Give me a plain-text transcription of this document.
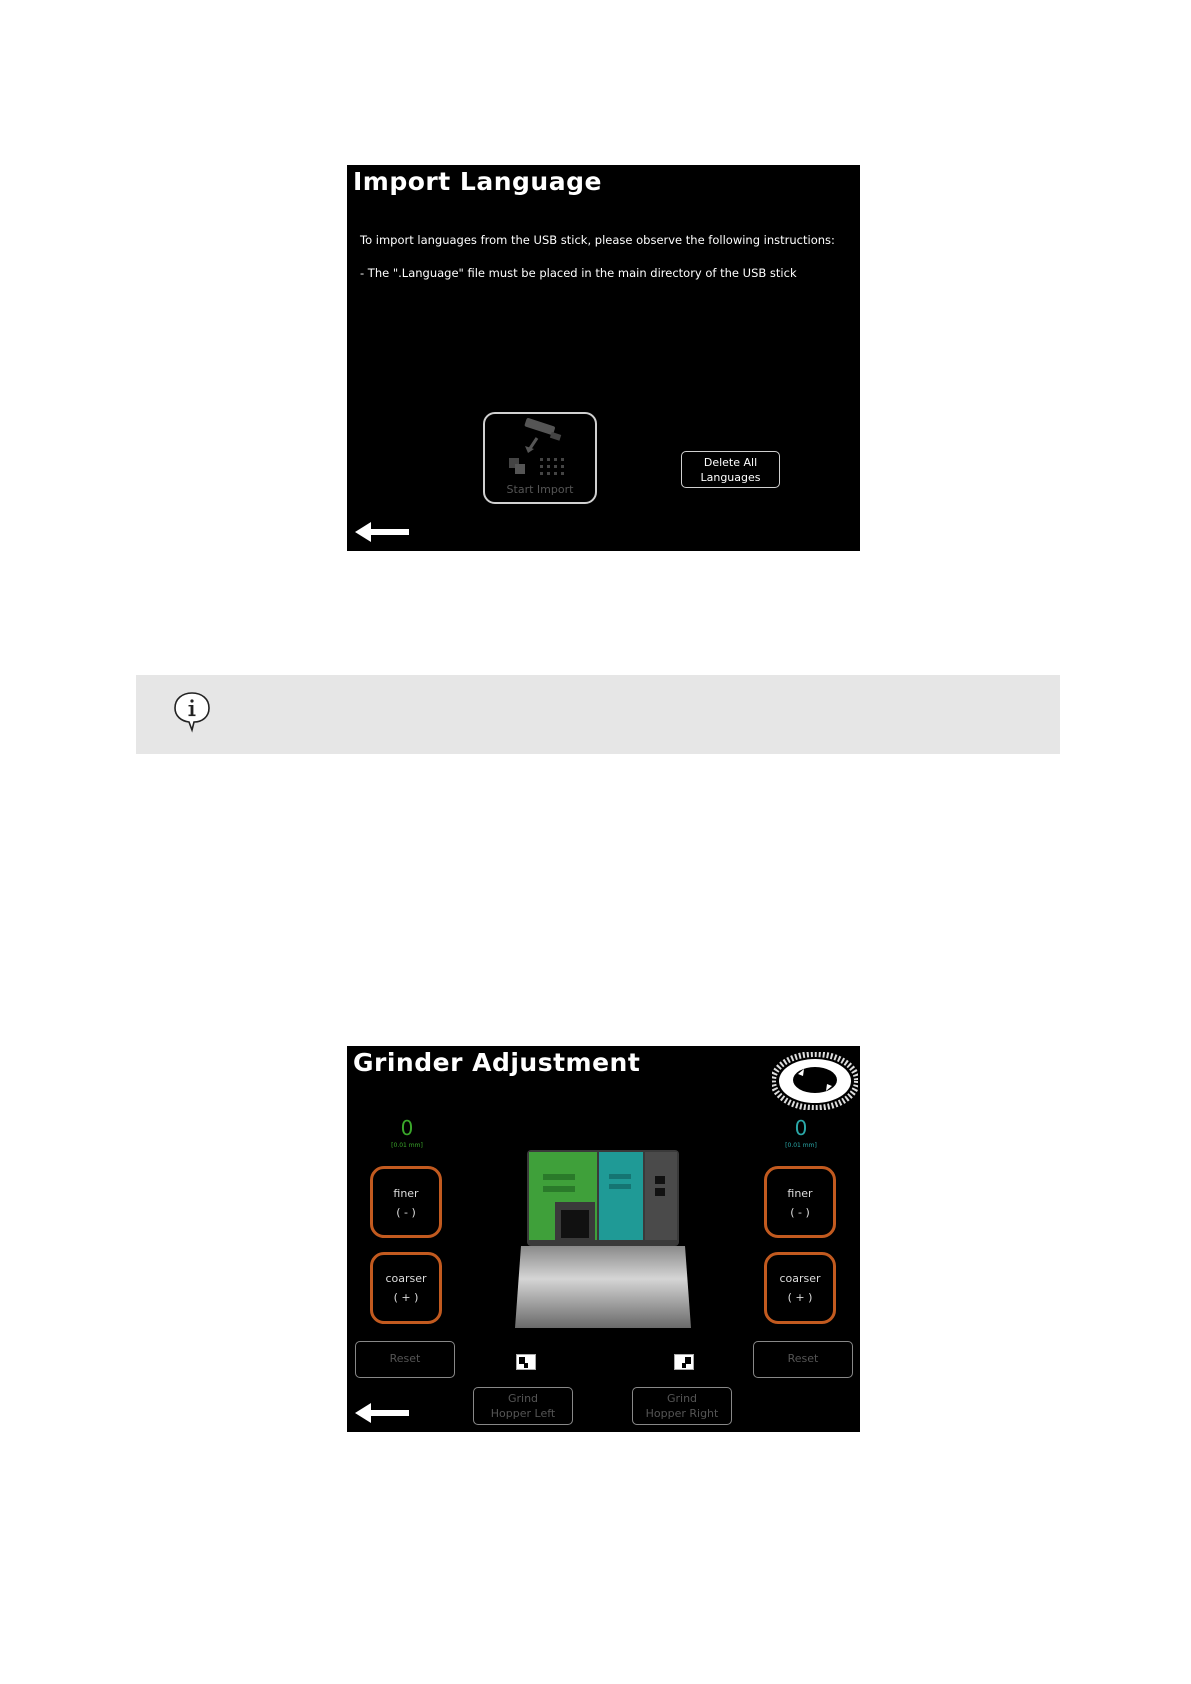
Import Language
To import languages from the USB stick, please observe the following instructions:
- The ".Language" file must be placed in the main directory of the USB stick
Start Import
Delete All
Languages
Grinder Adjustment
0
[0.01 mm]
finer
( - )
coarser
( + )
Reset
0
[0.01 mm]
finer
( - )
coarser
( + )
Reset
Grind
Hopper Left
Grind
Hopper Right
